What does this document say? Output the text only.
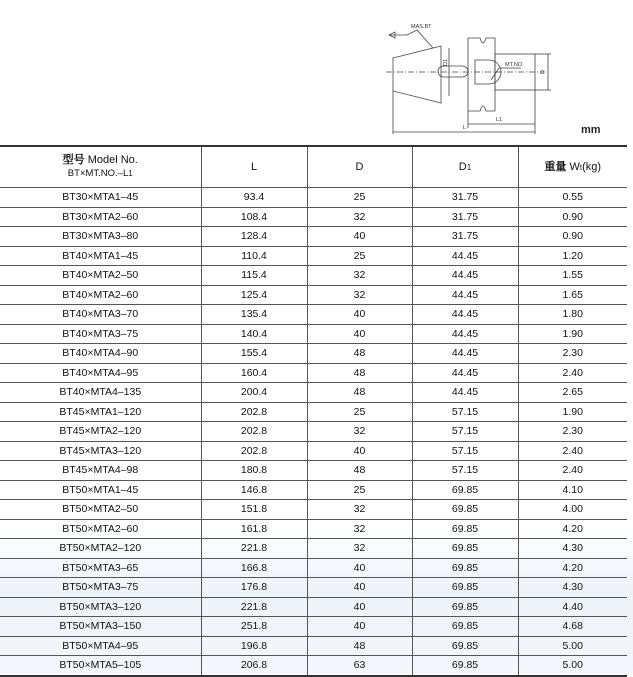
MAS.BT
MT.NO.
L1
L
D
D1
mm
型号 Model No.
BT×MT.NO.–L1	L	D	D1	重量 Wt(kg)
BT30×MTA1–45	93.4	25	31.75	0.55
BT30×MTA2–60	108.4	32	31.75	0.90
BT30×MTA3–80	128.4	40	31.75	0.90
BT40×MTA1–45	110.4	25	44.45	1.20
BT40×MTA2–50	115.4	32	44.45	1.55
BT40×MTA2–60	125.4	32	44.45	1.65
BT40×MTA3–70	135.4	40	44.45	1.80
BT40×MTA3–75	140.4	40	44.45	1.90
BT40×MTA4–90	155.4	48	44.45	2.30
BT40×MTA4–95	160.4	48	44.45	2.40
BT40×MTA4–135	200.4	48	44.45	2.65
BT45×MTA1–120	202.8	25	57.15	1.90
BT45×MTA2–120	202.8	32	57.15	2.30
BT45×MTA3–120	202.8	40	57.15	2.40
BT45×MTA4–98	180.8	48	57.15	2.40
BT50×MTA1–45	146.8	25	69.85	4.10
BT50×MTA2–50	151.8	32	69.85	4.00
BT50×MTA2–60	161.8	32	69.85	4.20
BT50×MTA2–120	221.8	32	69.85	4.30
BT50×MTA3–65	166.8	40	69.85	4.20
BT50×MTA3–75	176.8	40	69.85	4.30
BT50×MTA3–120	221.8	40	69.85	4.40
BT50×MTA3–150	251.8	40	69.85	4.68
BT50×MTA4–95	196.8	48	69.85	5.00
BT50×MTA5–105	206.8	63	69.85	5.00
